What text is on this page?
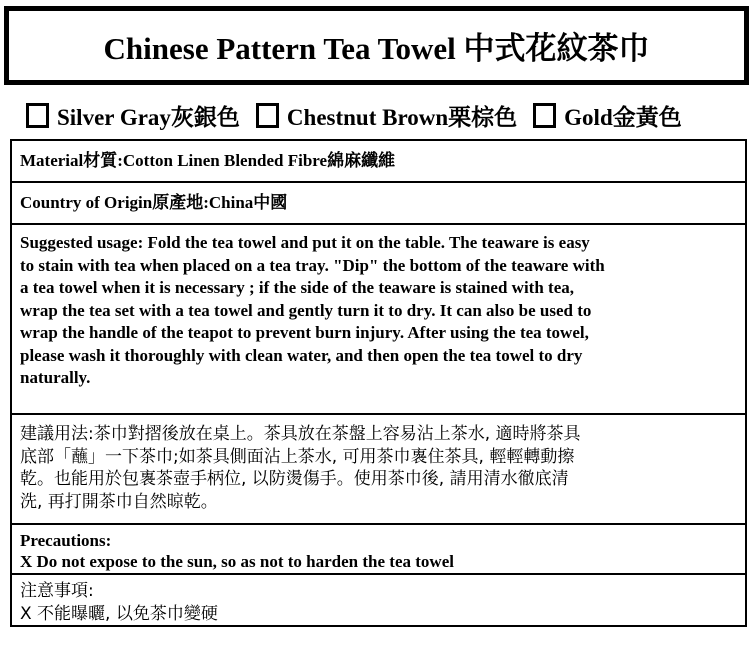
Chinese Pattern Tea Towel 中式花紋茶巾
Silver Gray灰銀色 Chestnut Brown栗棕色 Gold金黃色
Material材質:Cotton Linen Blended Fibre綿麻纖維
Country of Origin原產地:China中國
Suggested usage: Fold the tea towel and put it on the table. The teaware is easy
to stain with tea when placed on a tea tray. "Dip" the bottom of the teaware with
a tea towel when it is necessary ; if the side of the teaware is stained with tea,
wrap the tea set with a tea towel and gently turn it to dry. It can also be used to
wrap the handle of the teapot to prevent burn injury. After using the tea towel,
please wash it thoroughly with clean water, and then open the tea towel to dry
naturally.
建議用法:茶巾對摺後放在桌上。茶具放在茶盤上容易沾上茶水, 適時將茶具
底部「蘸」一下茶巾;如茶具側面沾上茶水, 可用茶巾褢住茶具, 輕輕轉動擦
乾。也能用於包褢茶壺手柄位, 以防燙傷手。使用茶巾後, 請用清水徹底清
洗, 再打開茶巾自然晾乾。
Precautions:
X Do not expose to the sun, so as not to harden the tea towel
注意事項:
X 不能曝曬, 以免茶巾變硬
